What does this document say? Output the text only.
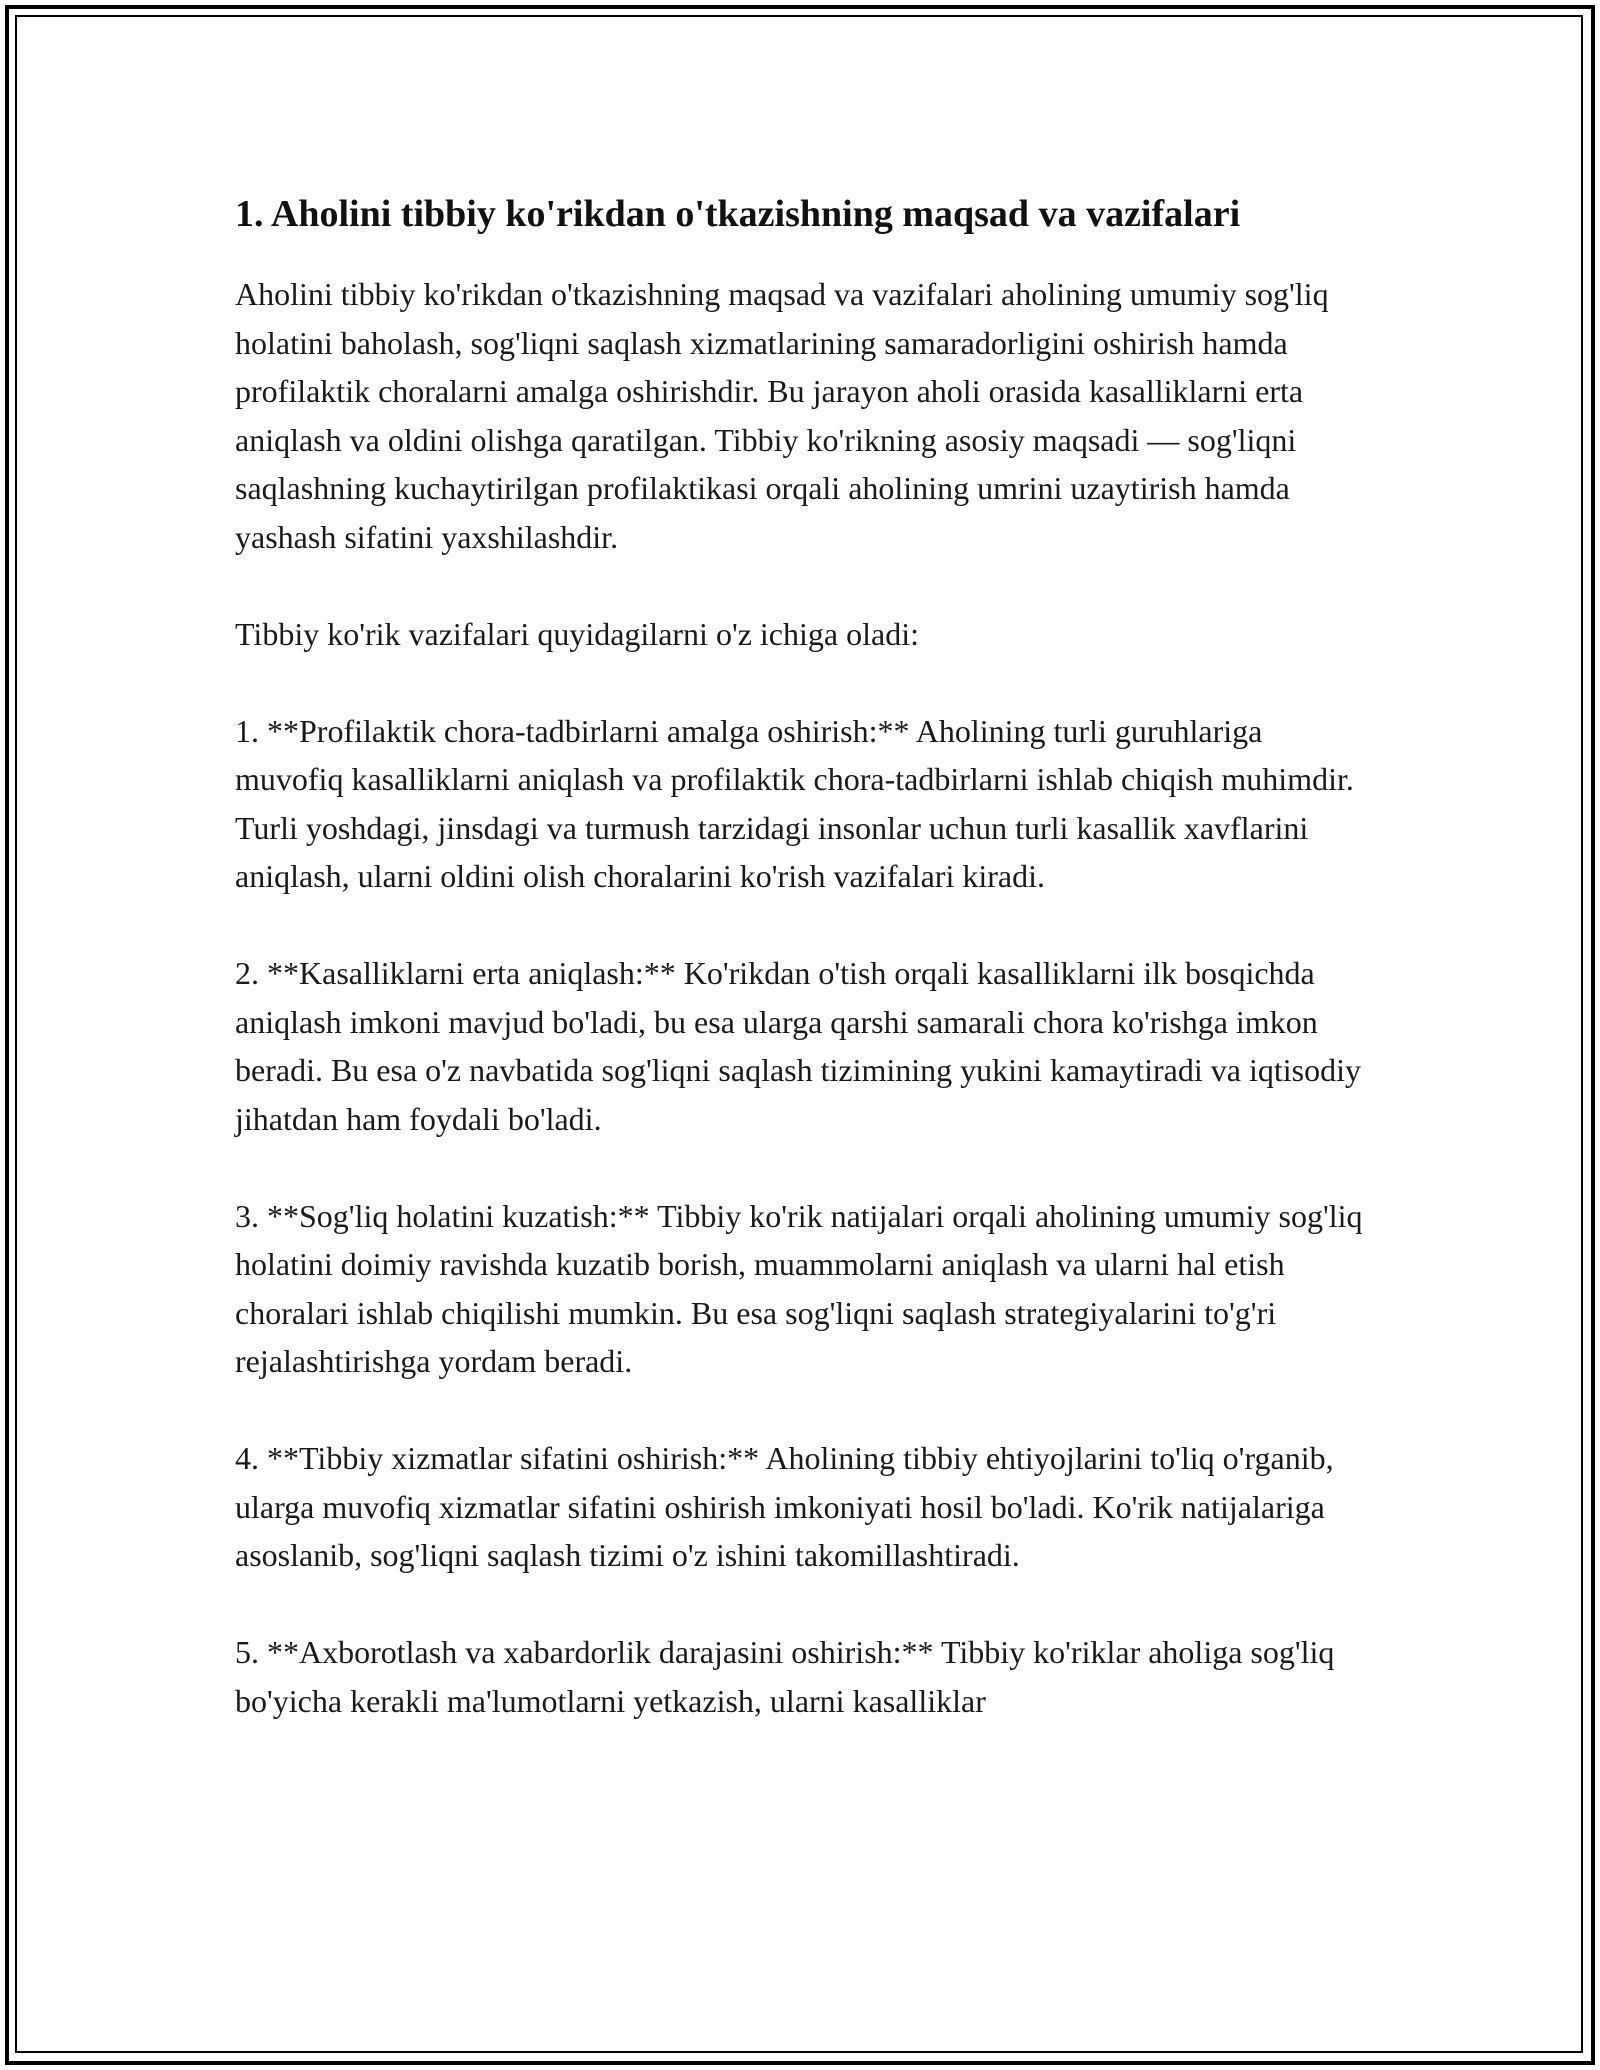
1. Aholini tibbiy ko'rikdan o'tkazishning maqsad va vazifalari

Aholini tibbiy ko'rikdan o'tkazishning maqsad va vazifalari aholining umumiy sog'liq holatini baholash, sog'liqni saqlash xizmatlarining samaradorligini oshirish hamda profilaktik choralarni amalga oshirishdir. Bu jarayon aholi orasida kasalliklarni erta aniqlash va oldini olishga qaratilgan. Tibbiy ko'rikning asosiy maqsadi — sog'liqni saqlashning kuchaytirilgan profilaktikasi orqali aholining umrini uzaytirish hamda yashash sifatini yaxshilashdir.

Tibbiy ko'rik vazifalari quyidagilarni o'z ichiga oladi:

1. **Profilaktik chora-tadbirlarni amalga oshirish:** Aholining turli guruhlariga muvofiq kasalliklarni aniqlash va profilaktik chora-tadbirlarni ishlab chiqish muhimdir. Turli yoshdagi, jinsdagi va turmush tarzidagi insonlar uchun turli kasallik xavflarini aniqlash, ularni oldini olish choralarini ko'rish vazifalari kiradi.

2. **Kasalliklarni erta aniqlash:** Ko'rikdan o'tish orqali kasalliklarni ilk bosqichda aniqlash imkoni mavjud bo'ladi, bu esa ularga qarshi samarali chora ko'rishga imkon beradi. Bu esa o'z navbatida sog'liqni saqlash tizimining yukini kamaytiradi va iqtisodiy jihatdan ham foydali bo'ladi.

3. **Sog'liq holatini kuzatish:** Tibbiy ko'rik natijalari orqali aholining umumiy sog'liq holatini doimiy ravishda kuzatib borish, muammolarni aniqlash va ularni hal etish choralari ishlab chiqilishi mumkin. Bu esa sog'liqni saqlash strategiyalarini to'g'ri rejalashtirishga yordam beradi.

4. **Tibbiy xizmatlar sifatini oshirish:** Aholining tibbiy ehtiyojlarini to'liq o'rganib, ularga muvofiq xizmatlar sifatini oshirish imkoniyati hosil bo'ladi. Ko'rik natijalariga asoslanib, sog'liqni saqlash tizimi o'z ishini takomillashtiradi.

5. **Axborotlash va xabardorlik darajasini oshirish:** Tibbiy ko'riklar aholiga sog'liq bo'yicha kerakli ma'lumotlarni yetkazish, ularni kasalliklar
